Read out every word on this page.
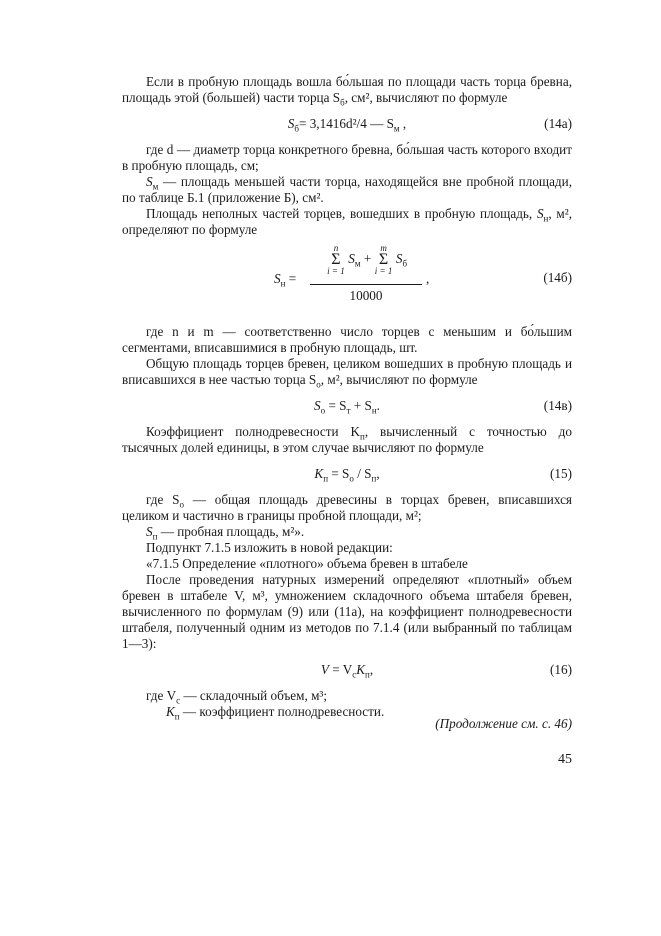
Если в пробную площадь вошла бо́льшая по площади часть торца бревна, площадь этой (большей) части торца $S_б$, см², вычисляют по формуле

$S_б= 3,1416d^2/4$ — $S_м$ ,	(14а)

где d — диаметр торца конкретного бревна, бо́льшая часть которого входит в пробную площадь, см;

$S_м$ — площадь меньшей части торца, находящейся вне пробной площади, по таблице Б.1 (приложение Б), см².

Площадь неполных частей торцев, вошедших в пробную площадь, $S_н$, м², определяют по формуле

$S_н$ =
n
Σ
i = 1
$S_м$ +
m
Σ
i = 1
$S_б$
10000
,	(14б)

где n и m — соответственно число торцев с меньшим и бо́льшим сегментами, вписавшимися в пробную площадь, шт.

Общую площадь торцев бревен, целиком вошедших в пробную площадь и вписавшихся в нее частью торца $S_о$, м², вычисляют по формуле

$S_о = S_т + S_н$.	(14в)

Коэффициент полнодревесности $K_п$, вычисленный с точностью до тысячных долей единицы, в этом случае вычисляют по формуле

$K_п = S_о / S_п$,	(15)

где $S_о$ — общая площадь древесины в торцах бревен, вписавшихся целиком и частично в границы пробной площади, м²;

$S_п$ — пробная площадь, м²».

Подпункт 7.1.5 изложить в новой редакции:

«7.1.5 Определение «плотного» объема бревен в штабеле

После проведения натурных измерений определяют «плотный» объем бревен в штабеле V, м³, умножением складочного объема штабеля бревен, вычисленного по формулам (9) или (11а), на коэффициент полнодревесности штабеля, полученный одним из методов по 7.1.4 (или выбранный по таблицам 1—3):

$V = V_сK_п$,	(16)

где $V_с$ — складочный объем, м³;

$K_п$ — коэффициент полнодревесности.

(Продолжение см. с. 46)
45
